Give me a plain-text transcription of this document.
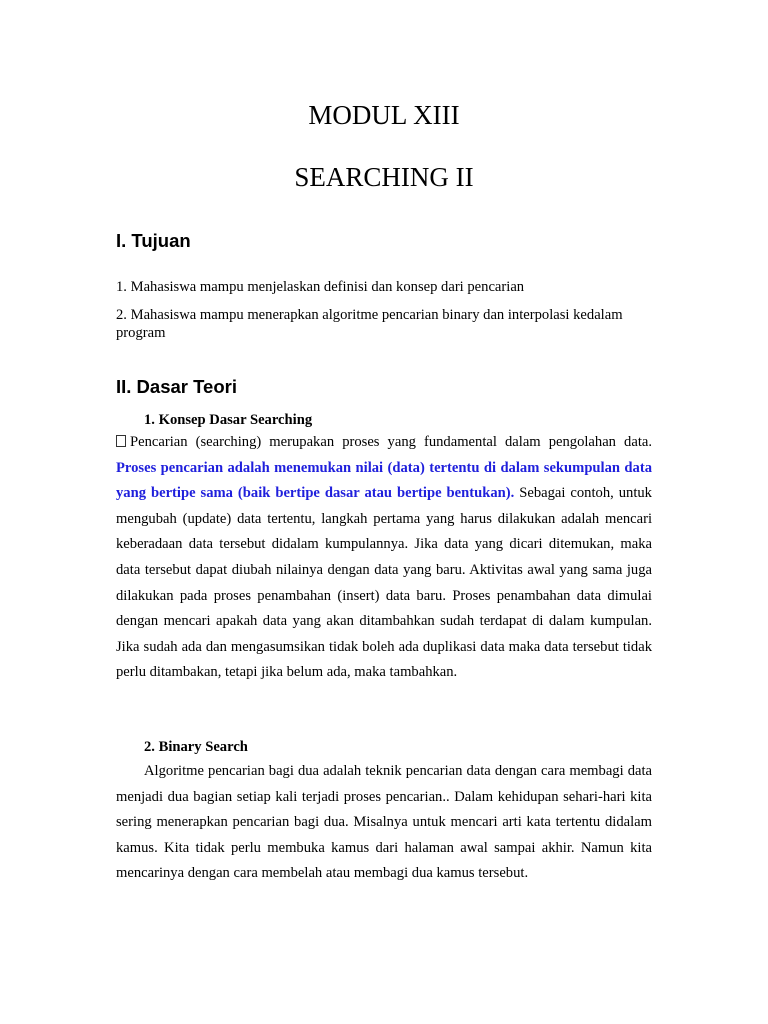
MODUL XIII
SEARCHING II
I. Tujuan
1. Mahasiswa mampu menjelaskan definisi dan konsep dari pencarian
2. Mahasiswa mampu menerapkan algoritme pencarian binary dan interpolasi kedalam program
II. Dasar Teori
1. Konsep Dasar Searching
Pencarian (searching) merupakan proses yang fundamental dalam pengolahan data. Proses pencarian adalah menemukan nilai (data) tertentu di dalam sekumpulan data yang bertipe sama (baik bertipe dasar atau bertipe bentukan). Sebagai contoh, untuk mengubah (update) data tertentu, langkah pertama yang harus dilakukan adalah mencari keberadaan data tersebut didalam kumpulannya. Jika data yang dicari ditemukan, maka data tersebut dapat diubah nilainya dengan data yang baru. Aktivitas awal yang sama juga dilakukan pada proses penambahan (insert) data baru. Proses penambahan data dimulai dengan mencari apakah data yang akan ditambahkan sudah terdapat di dalam kumpulan. Jika sudah ada dan mengasumsikan tidak boleh ada duplikasi data maka data tersebut tidak perlu ditambakan, tetapi jika belum ada, maka tambahkan.
2. Binary Search
Algoritme pencarian bagi dua adalah teknik pencarian data dengan cara membagi data menjadi dua bagian setiap kali terjadi proses pencarian.. Dalam kehidupan sehari-hari kita sering menerapkan pencarian bagi dua. Misalnya untuk mencari arti kata tertentu didalam kamus. Kita tidak perlu membuka kamus dari halaman awal sampai akhir. Namun kita mencarinya dengan cara membelah atau membagi dua kamus tersebut.
